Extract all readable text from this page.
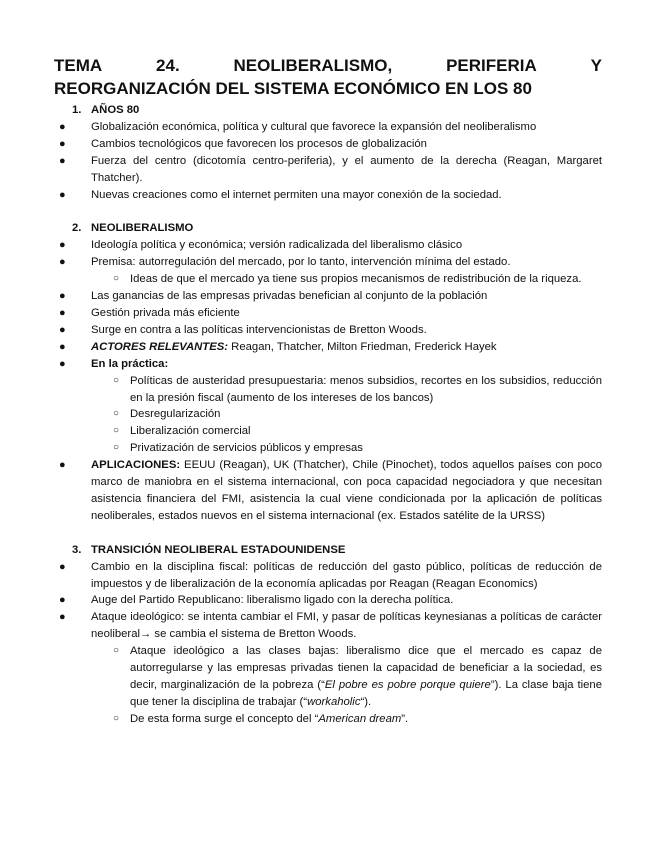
TEMA	24.	NEOLIBERALISMO,	PERIFERIA	Y
REORGANIZACIÓN DEL SISTEMA ECONÓMICO EN LOS 80

1. AÑOS 80

● Globalización económica, política y cultural que favorece la expansión del neoliberalismo

● Cambios tecnológicos que favorecen los procesos de globalización

● Fuerza del centro (dicotomía centro-periferia), y el aumento de la derecha (Reagan, Margaret Thatcher).

● Nuevas creaciones como el internet permiten una mayor conexión de la sociedad.

2. NEOLIBERALISMO

● Ideología política y económica; versión radicalizada del liberalismo clásico

● Premisa: autorregulación del mercado, por lo tanto, intervención mínima del estado.

○ Ideas de que el mercado ya tiene sus propios mecanismos de redistribución de la riqueza.

● Las ganancias de las empresas privadas benefician al conjunto de la población

● Gestión privada más eficiente

● Surge en contra a las políticas intervencionistas de Bretton Woods.

● ACTORES RELEVANTES: Reagan, Thatcher, Milton Friedman, Frederick Hayek

● En la práctica:

○ Políticas de austeridad presupuestaria: menos subsidios, recortes en los subsidios, reducción en la presión fiscal (aumento de los intereses de los bancos)

○ Desregularización

○ Liberalización comercial

○ Privatización de servicios públicos y empresas

● APLICACIONES: EEUU (Reagan), UK (Thatcher), Chile (Pinochet), todos aquellos países con poco marco de maniobra en el sistema internacional, con poca capacidad negociadora y que necesitan asistencia financiera del FMI, asistencia la cual viene condicionada por la aplicación de políticas neoliberales, estados nuevos en el sistema internacional (ex. Estados satélite de la URSS)

3. TRANSICIÓN NEOLIBERAL ESTADOUNIDENSE

● Cambio en la disciplina fiscal: políticas de reducción del gasto público, políticas de reducción de impuestos y de liberalización de la economía aplicadas por Reagan (Reagan Economics)

● Auge del Partido Republicano: liberalismo ligado con la derecha política.

● Ataque ideológico: se intenta cambiar el FMI, y pasar de políticas keynesianas a políticas de carácter neoliberal→ se cambia el sistema de Bretton Woods.

○ Ataque ideológico a las clases bajas: liberalismo dice que el mercado es capaz de autorregularse y las empresas privadas tienen la capacidad de beneficiar a la sociedad, es decir, marginalización de la pobreza (“El pobre es pobre porque quiere”). La clase baja tiene que tener la disciplina de trabajar (“workaholic“).

○ De esta forma surge el concepto del “American dream”.
